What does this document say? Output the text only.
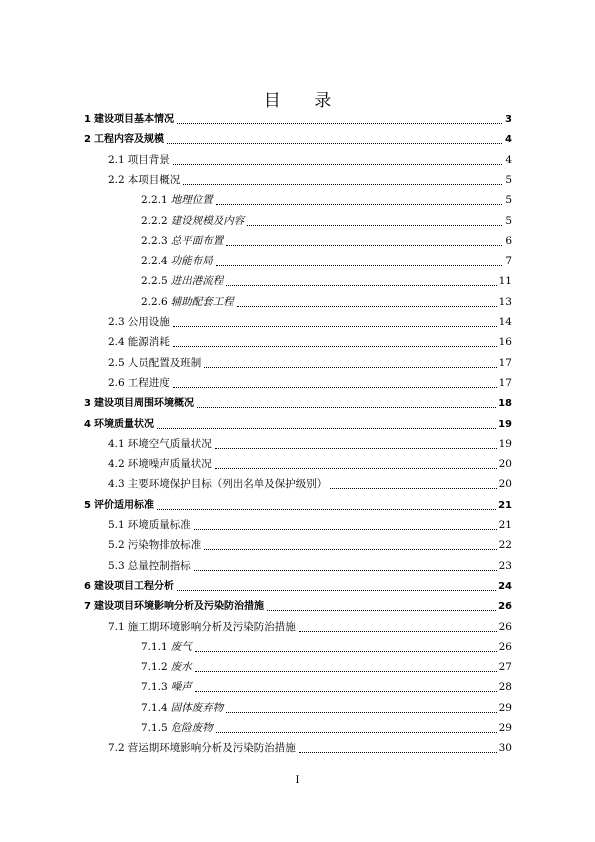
目 录
1 建设项目基本情况	3
2 工程内容及规模	4
2.1 项目背景	4
2.2 本项目概况	5
2.2.1 地理位置	5
2.2.2 建设规模及内容	5
2.2.3 总平面布置	6
2.2.4 功能布局	7
2.2.5 进出港流程	11
2.2.6 辅助配套工程	13
2.3 公用设施	14
2.4 能源消耗	16
2.5 人员配置及班制	17
2.6 工程进度	17
3 建设项目周围环境概况	18
4 环境质量状况	19
4.1 环境空气质量状况	19
4.2 环境噪声质量状况	20
4.3 主要环境保护目标（列出名单及保护级别）	20
5 评价适用标准	21
5.1 环境质量标准	21
5.2 污染物排放标准	22
5.3 总量控制指标	23
6 建设项目工程分析	24
7 建设项目环境影响分析及污染防治措施	26
7.1 施工期环境影响分析及污染防治措施	26
7.1.1 废气	26
7.1.2 废水	27
7.1.3 噪声	28
7.1.4 固体废弃物	29
7.1.5 危险废物	29
7.2 营运期环境影响分析及污染防治措施	30
I
